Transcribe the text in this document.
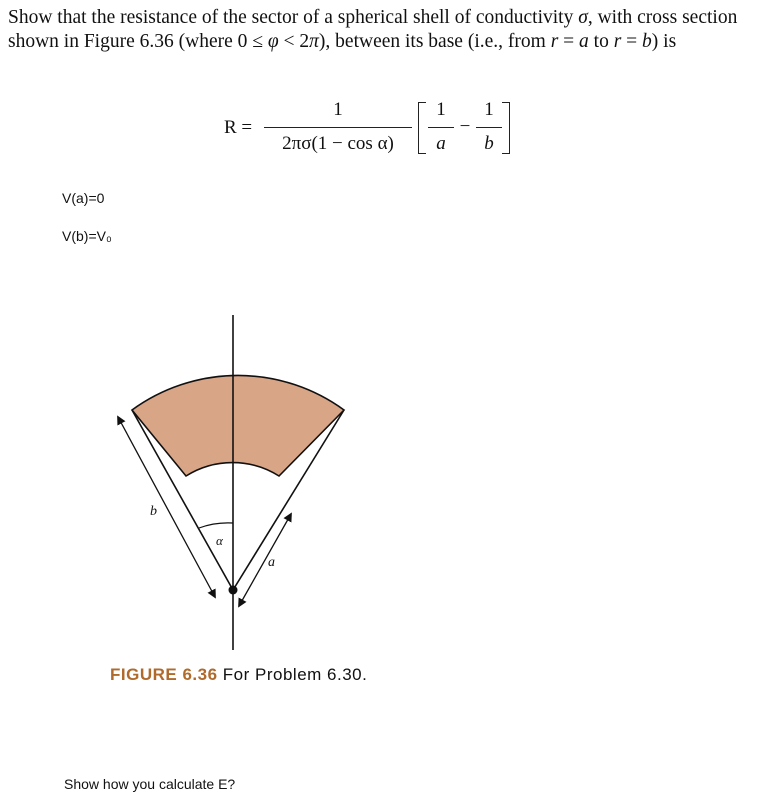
Show that the resistance of the sector of a spherical shell of conductivity σ, with cross section shown in Figure 6.36 (where 0 ≤ φ < 2π), between its base (i.e., from r = a to r = b) is
R =
1
2πσ(1 − cos α)
1
a
−
1
b
V(a)=0
V(b)=V₀
b
a
α
FIGURE 6.36 For Problem 6.30.
Show how you calculate E?
